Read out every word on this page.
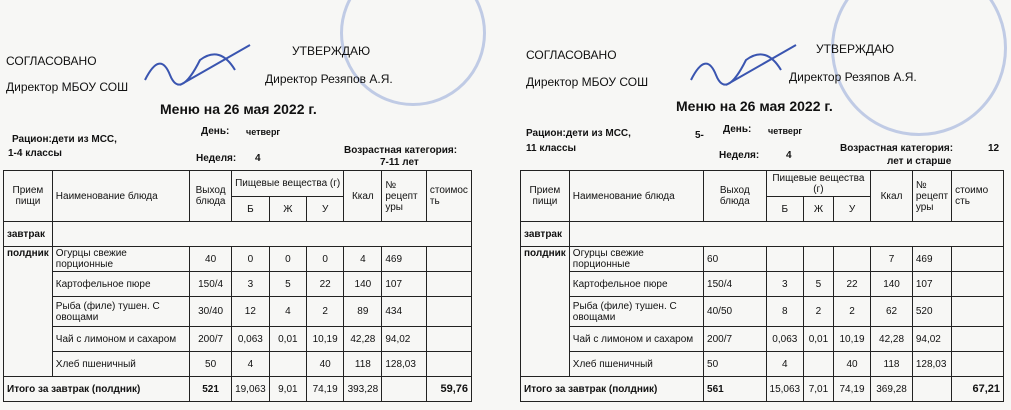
СОГЛАСОВАНО
Директор МБОУ СОШ
УТВЕРЖДАЮ
Директор Резяпов А.Я.
Меню на 26 мая 2022 г.
Рацион:дети из МСС,
1-4 классы
День: четверг
Неделя: 4
Возрастная категория:
7-11 лет
Прием пищи	Наименование блюда	Выход блюда	Пищевые вещества (г)			Ккал	№ рецепт уры	стоимос ть
			Б	Ж	У			
завтрак								
полдник	Огурцы свежие порционные	40	0	0	0	4	469	
	Картофельное пюре	150/4	3	5	22	140	107	
	Рыба (филе) тушен. С овощами	30/40	12	4	2	89	434	
	Чай с лимоном и сахаром	200/7	0,063	0,01	10,19	42,28	94,02	
	Хлеб пшеничный	50	4		40	118	128,03	
Итого за завтрак (полдник)		521	19,063	9,01	74,19	393,28		59,76
СОГЛАСОВАНО
Директор МБОУ СОШ
УТВЕРЖДАЮ
Директор Резяпов А.Я.
Меню на 26 мая 2022 г.
Рацион:дети из МСС,	5-
11 классы
День: четверг
Неделя:	4
Возрастная категория:	12
лет и старше
Прием пищи	Наименование блюда	Выход блюда	Пищевые вещества (г)			Ккал	№ рецепт уры	стоимо сть
			Б	Ж	У			
завтрак								
полдник	Огурцы свежие порционные	60				7	469	
	Картофельное пюре	150/4	3	5	22	140	107	
	Рыба (филе) тушен. С овощами	40/50	8	2	2	62	520	
	Чай с лимоном и сахаром	200/7	0,063	0,01	10,19	42,28	94,02	
	Хлеб пшеничный	50	4		40	118	128,03	
Итого за завтрак (полдник)		561	15,063	7,01	74,19	369,28		67,21
